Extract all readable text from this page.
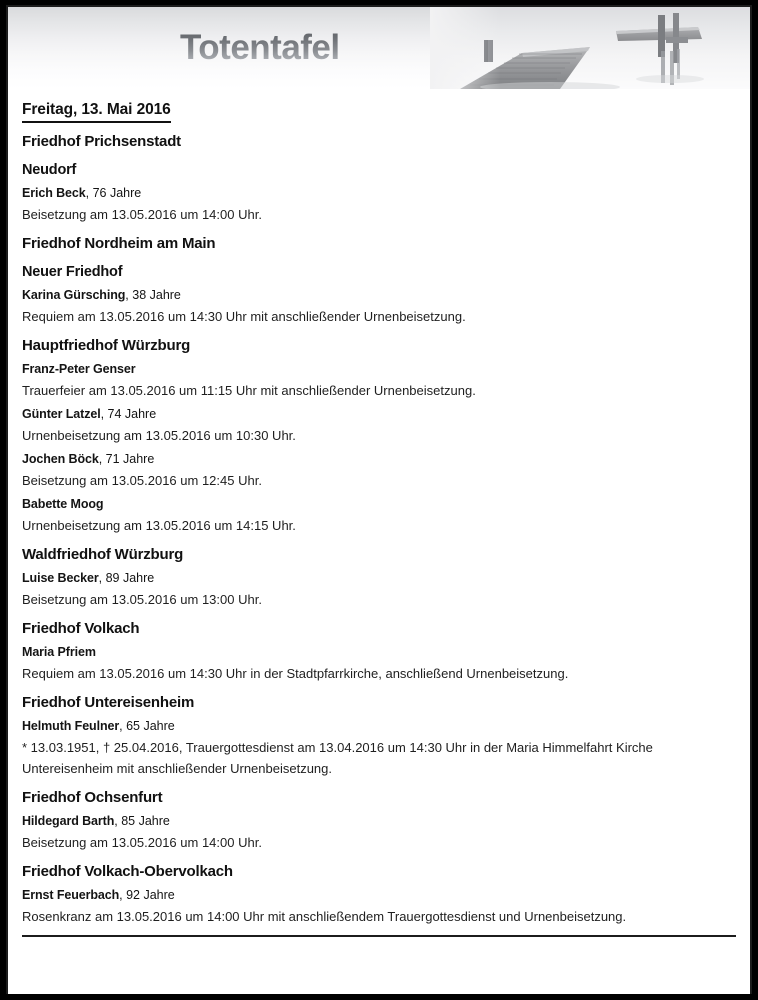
Totentafel
Freitag, 13. Mai 2016
Friedhof Prichsenstadt
Neudorf
Erich Beck, 76 Jahre
Beisetzung am 13.05.2016 um 14:00 Uhr.
Friedhof Nordheim am Main
Neuer Friedhof
Karina Gürsching, 38 Jahre
Requiem am 13.05.2016 um 14:30 Uhr mit anschließender Urnenbeisetzung.
Hauptfriedhof Würzburg
Franz-Peter Genser
Trauerfeier am 13.05.2016 um 11:15 Uhr mit anschließender Urnenbeisetzung.
Günter Latzel, 74 Jahre
Urnenbeisetzung am 13.05.2016 um 10:30 Uhr.
Jochen Böck, 71 Jahre
Beisetzung am 13.05.2016 um 12:45 Uhr.
Babette Moog
Urnenbeisetzung am 13.05.2016 um 14:15 Uhr.
Waldfriedhof Würzburg
Luise Becker, 89 Jahre
Beisetzung am 13.05.2016 um 13:00 Uhr.
Friedhof Volkach
Maria Pfriem
Requiem am 13.05.2016 um 14:30 Uhr in der Stadtpfarrkirche, anschließend Urnenbeisetzung.
Friedhof Untereisenheim
Helmuth Feulner, 65 Jahre
* 13.03.1951, † 25.04.2016, Trauergottesdienst am 13.04.2016 um 14:30 Uhr in der Maria Himmelfahrt Kirche Untereisenheim mit anschließender Urnenbeisetzung.
Friedhof Ochsenfurt
Hildegard Barth, 85 Jahre
Beisetzung am 13.05.2016 um 14:00 Uhr.
Friedhof Volkach-Obervolkach
Ernst Feuerbach, 92 Jahre
Rosenkranz am 13.05.2016 um 14:00 Uhr mit anschließendem Trauergottesdienst und Urnenbeisetzung.
